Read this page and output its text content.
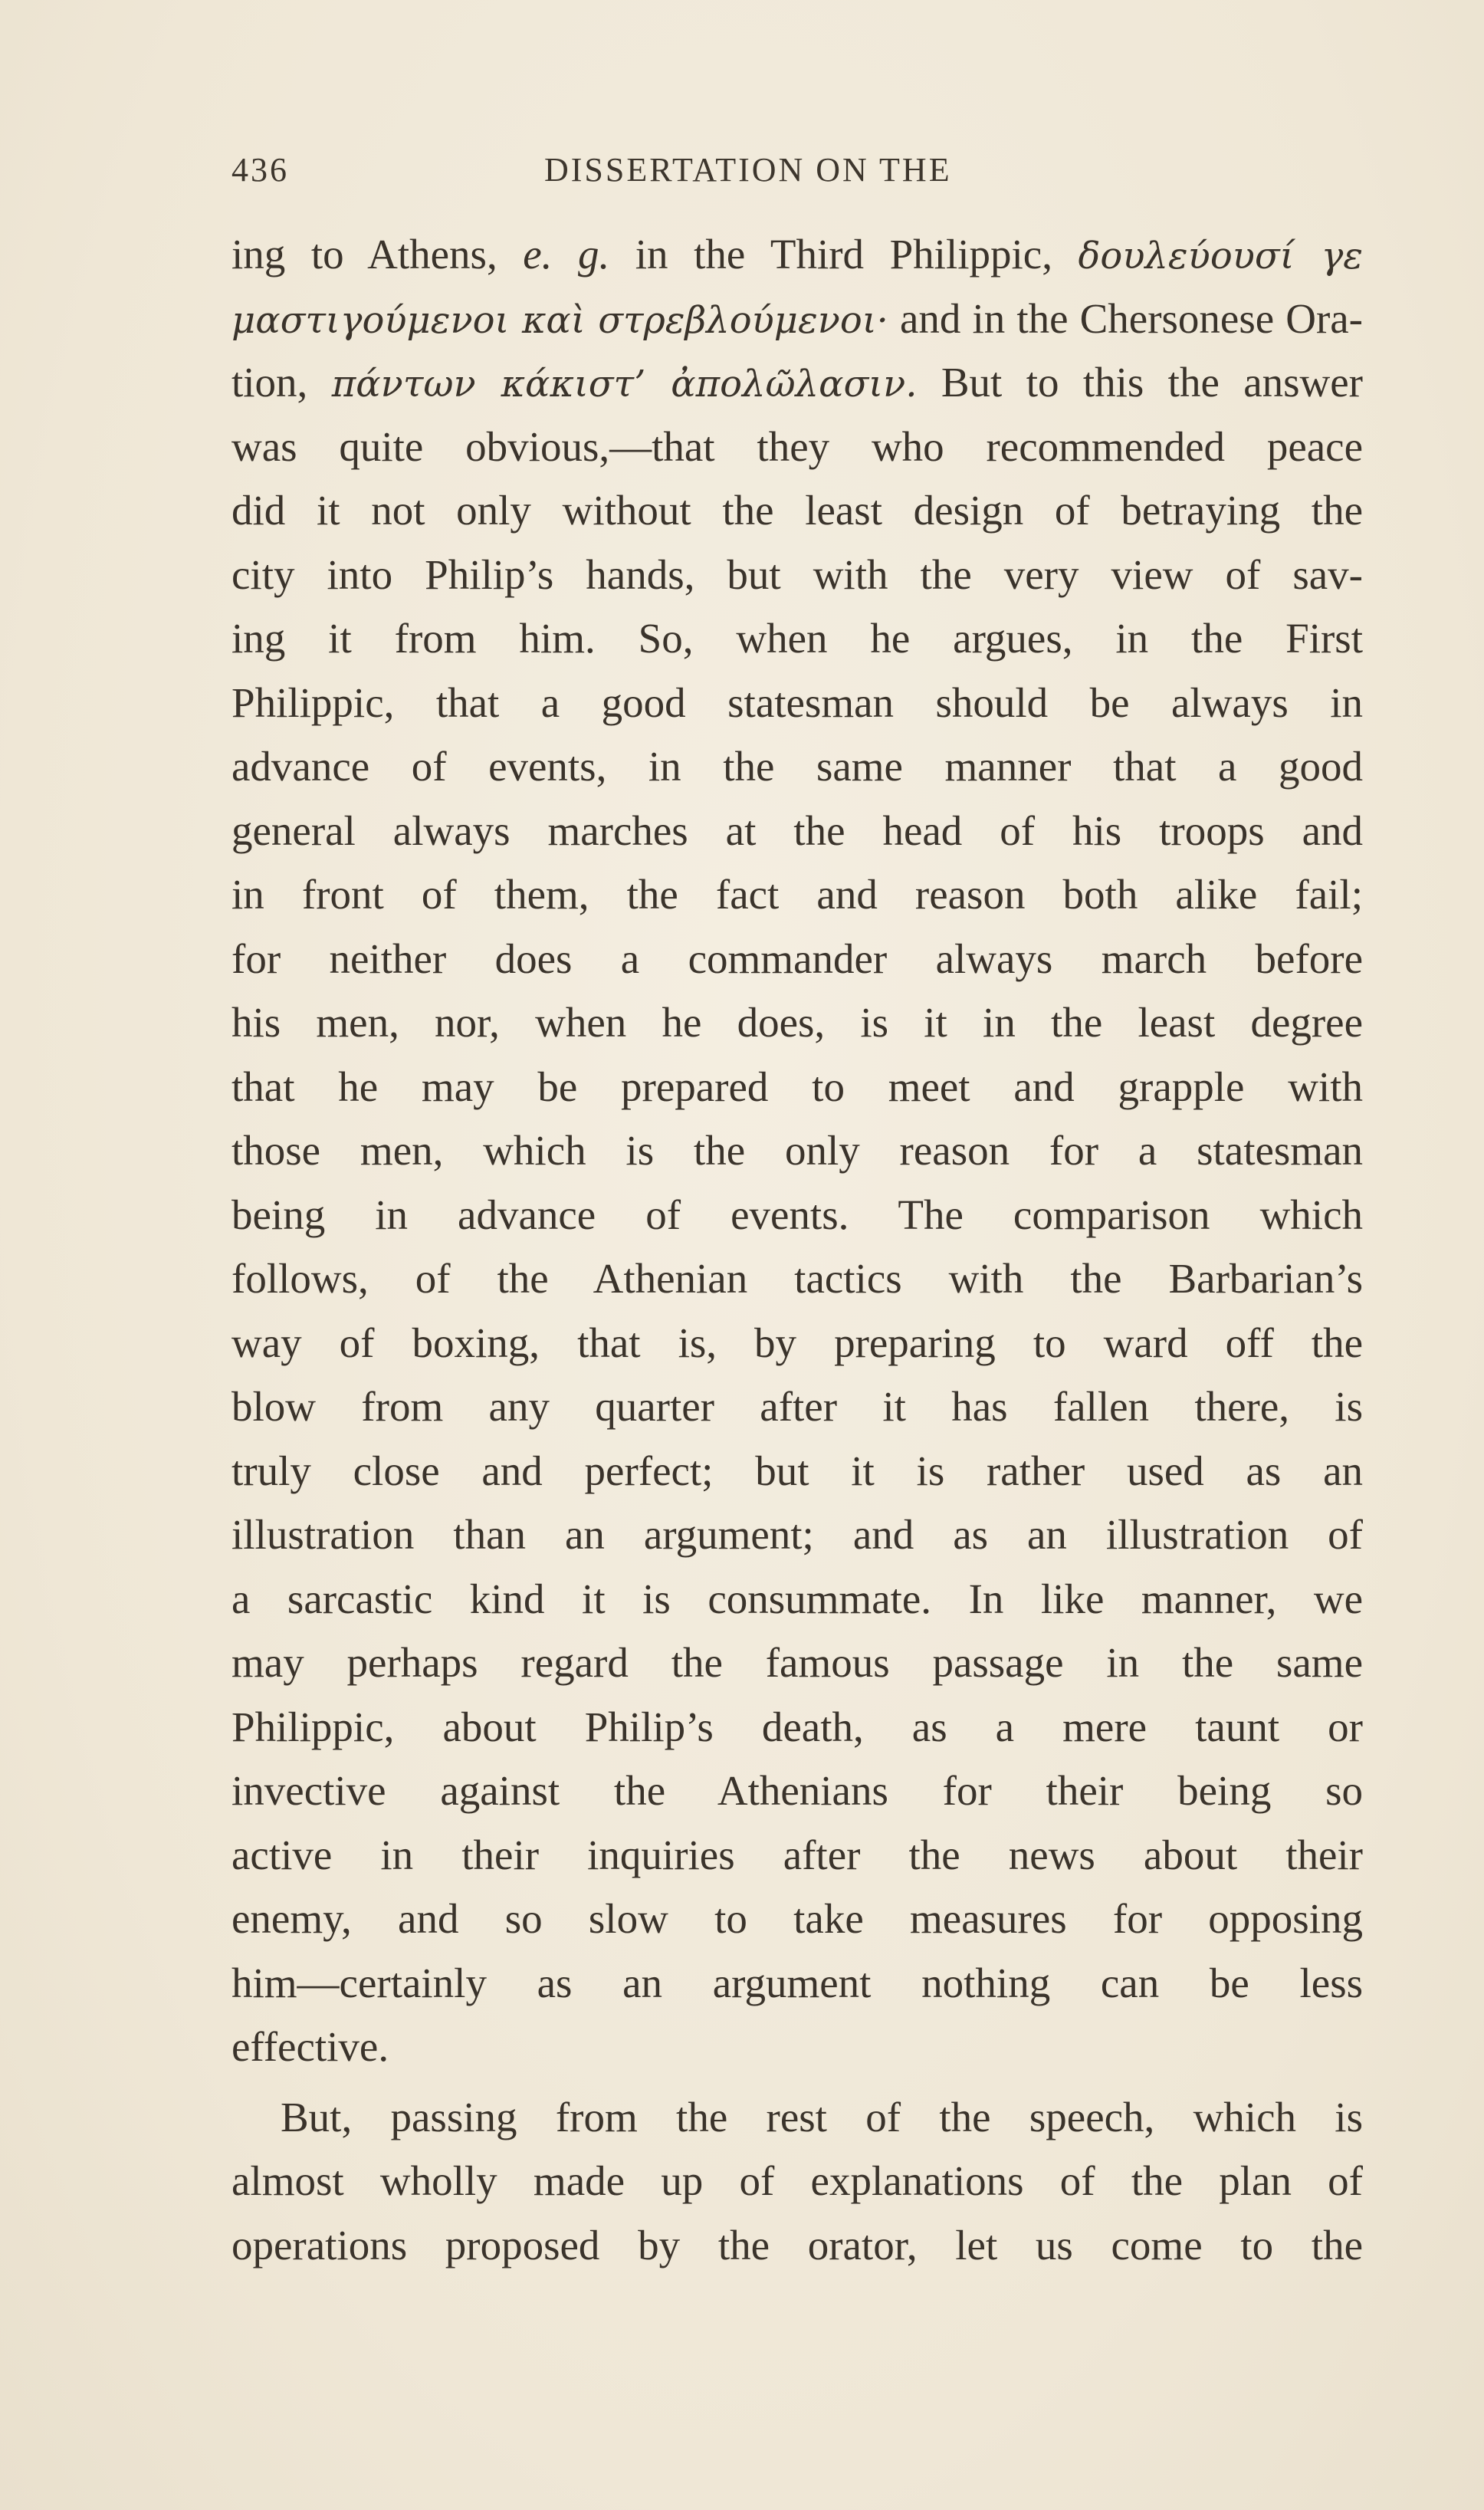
436	DISSERTATION ON THE
ing to Athens, e. g. in the Third Philippic, δουλεύουσί γε
μαστιγούμενοι καὶ στρεβλούμενοι· and in the Chersonese Ora-
tion, πάντων κάκιστ’ ἀπολῶλασιν. But to this the answer
was quite obvious,—that they who recommended peace
did it not only without the least design of betraying the
city into Philip’s hands, but with the very view of sav-
ing it from him. So, when he argues, in the First
Philippic, that a good statesman should be always in
advance of events, in the same manner that a good
general always marches at the head of his troops and
in front of them, the fact and reason both alike fail;
for neither does a commander always march before
his men, nor, when he does, is it in the least degree
that he may be prepared to meet and grapple with
those men, which is the only reason for a statesman
being in advance of events. The comparison which
follows, of the Athenian tactics with the Barbarian’s
way of boxing, that is, by preparing to ward off the
blow from any quarter after it has fallen there, is
truly close and perfect; but it is rather used as an
illustration than an argument; and as an illustration of
a sarcastic kind it is consummate. In like manner, we
may perhaps regard the famous passage in the same
Philippic, about Philip’s death, as a mere taunt or
invective against the Athenians for their being so
active in their inquiries after the news about their
enemy, and so slow to take measures for opposing
him—certainly as an argument nothing can be less
effective.
But, passing from the rest of the speech, which is
almost wholly made up of explanations of the plan of
operations proposed by the orator, let us come to the
